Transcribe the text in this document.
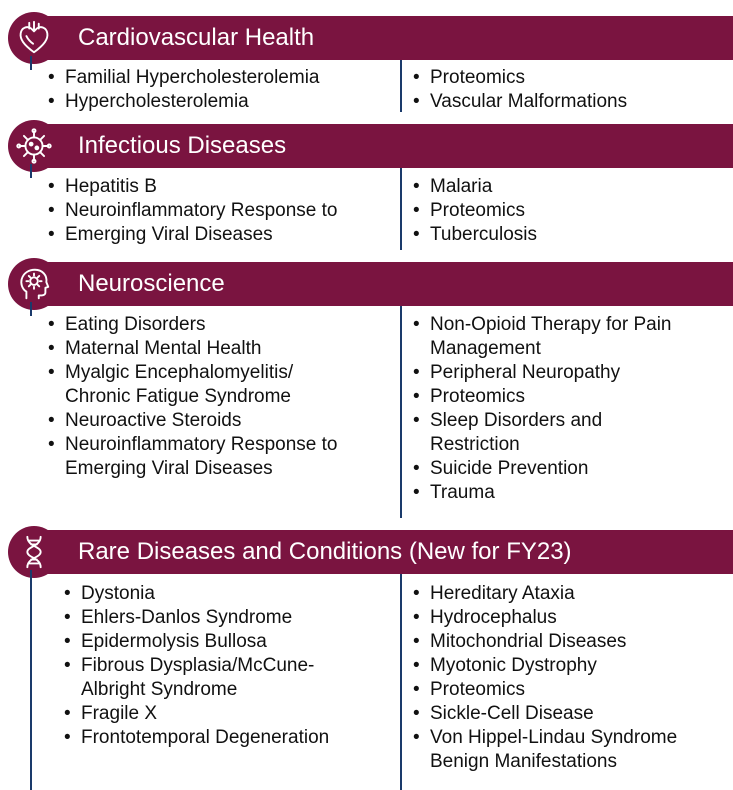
Cardiovascular Health
• Familial Hypercholesterolemia
• Hypercholesterolemia
• Proteomics
• Vascular Malformations
Infectious Diseases
• Hepatitis B
• Neuroinflammatory Response to
• Emerging Viral Diseases
• Malaria
• Proteomics
• Tuberculosis
Neuroscience
• Eating Disorders
• Maternal Mental Health
• Myalgic Encephalomyelitis/
Chronic Fatigue Syndrome
• Neuroactive Steroids
• Neuroinflammatory Response to
Emerging Viral Diseases
• Non-Opioid Therapy for Pain
Management
• Peripheral Neuropathy
• Proteomics
• Sleep Disorders and
Restriction
• Suicide Prevention
• Trauma
Rare Diseases and Conditions (New for FY23)
• Dystonia
• Ehlers-Danlos Syndrome
• Epidermolysis Bullosa
• Fibrous Dysplasia/McCune-
Albright Syndrome
• Fragile X
• Frontotemporal Degeneration
• Hereditary Ataxia
• Hydrocephalus
• Mitochondrial Diseases
• Myotonic Dystrophy
• Proteomics
• Sickle-Cell Disease
• Von Hippel-Lindau Syndrome
Benign Manifestations
